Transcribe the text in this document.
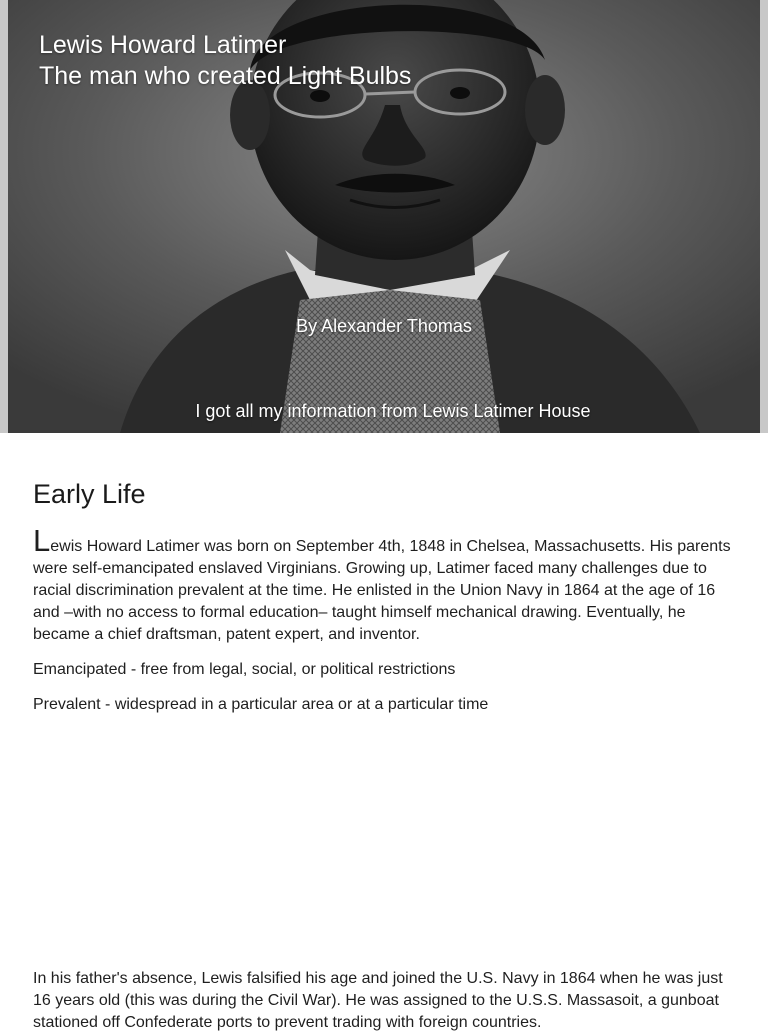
Lewis Howard Latimer
The man who created Light Bulbs
By Alexander Thomas
I got all my information from Lewis Latimer House
Early Life

Lewis Howard Latimer was born on September 4th, 1848 in Chelsea, Massachusetts. His parents were self-emancipated enslaved Virginians. Growing up, Latimer faced many challenges due to racial discrimination prevalent at the time. He enlisted in the Union Navy in 1864 at the age of 16 and –with no access to formal education– taught himself mechanical drawing. Eventually, he became a chief draftsman, patent expert, and inventor.

Emancipated - free from legal, social, or political restrictions

Prevalent - widespread in a particular area or at a particular time

In his father's absence, Lewis falsified his age and joined the U.S. Navy in 1864 when he was just 16 years old (this was during the Civil War). He was assigned to the U.S.S. Massasoit, a gunboat stationed off Confederate ports to prevent trading with foreign countries.
